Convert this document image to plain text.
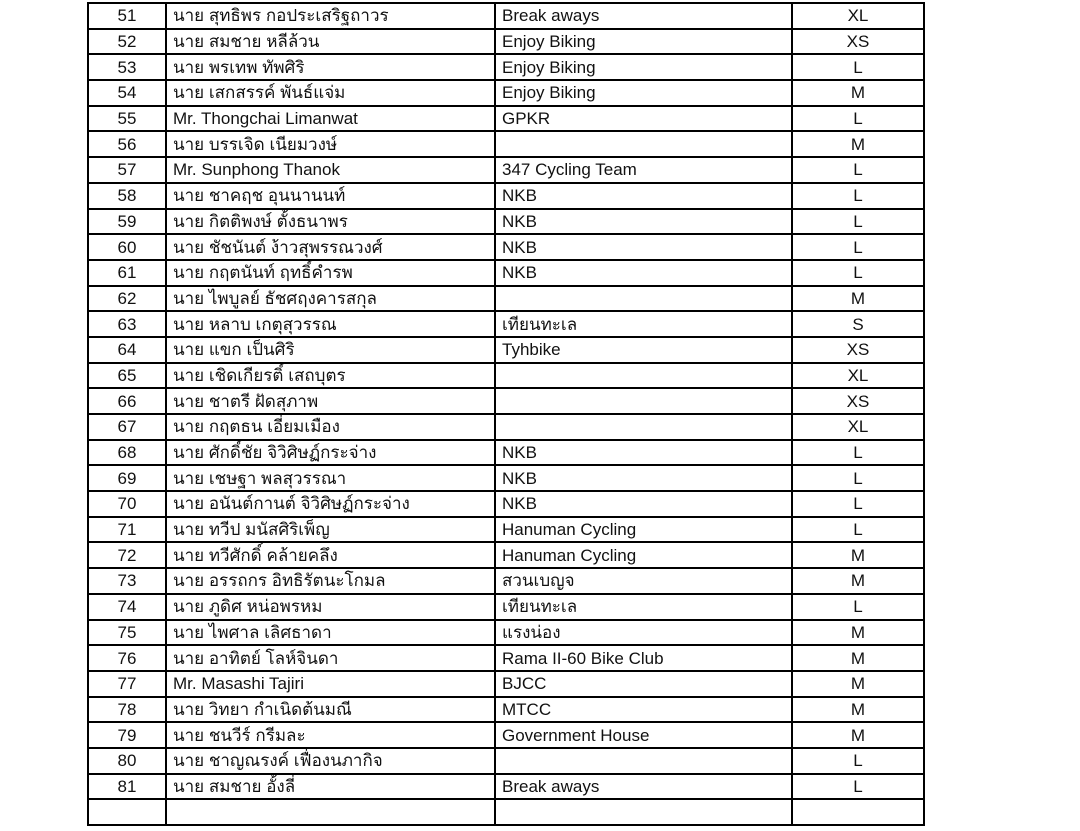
51	นาย สุทธิพร กอประเสริฐถาวร	Break aways	XL
52	นาย สมชาย หลีล้วน	Enjoy Biking	XS
53	นาย พรเทพ ทัพศิริ	Enjoy Biking	L
54	นาย เสกสรรค์ พันธ์แจ่ม	Enjoy Biking	M
55	Mr. Thongchai Limanwat	GPKR	L
56	นาย บรรเจิด เนียมวงษ์		M
57	Mr. Sunphong Thanok	347 Cycling Team	L
58	นาย ชาคฤช อุนนานนท์	NKB	L
59	นาย กิตติพงษ์ ตั้งธนาพร	NKB	L
60	นาย ชัชนันต์ ง้าวสุพรรณวงศ์	NKB	L
61	นาย กฤตนันท์ ฤทธิ์คำรพ	NKB	L
62	นาย ไพบูลย์ ธัชศฤงคารสกุล		M
63	นาย หลาบ เกตุสุวรรณ	เทียนทะเล	S
64	นาย แขก เป็นศิริ	Tyhbike	XS
65	นาย เชิดเกียรติ์ เสถบุตร		XL
66	นาย ชาตรี ฝัดสุภาพ		XS
67	นาย กฤตธน เอี่ยมเมือง		XL
68	นาย ศักดิ์ชัย จิวิศิษฏ์กระจ่าง	NKB	L
69	นาย เชษฐา พลสุวรรณา	NKB	L
70	นาย อนันต์กานต์ จิวิศิษฏ์กระจ่าง	NKB	L
71	นาย ทวีป มนัสศิริเพ็ญ	Hanuman Cycling	L
72	นาย ทวีศักดิ์ คล้ายคลึง	Hanuman Cycling	M
73	นาย อรรถกร อิทธิรัตนะโกมล	สวนเบญจ	M
74	นาย ภูดิศ หน่อพรหม	เทียนทะเล	L
75	นาย ไพศาล เลิศธาดา	แรงน่อง	M
76	นาย อาทิตย์ โลห์จินดา	Rama II-60 Bike Club	M
77	Mr. Masashi Tajiri	BJCC	M
78	นาย วิทยา กำเนิดต้นมณี	MTCC	M
79	นาย ชนวีร์ กรีมละ	Government House	M
80	นาย ชาญณรงค์ เฟื่องนภากิจ		L
81	นาย สมชาย อั้งลี่	Break aways	L
